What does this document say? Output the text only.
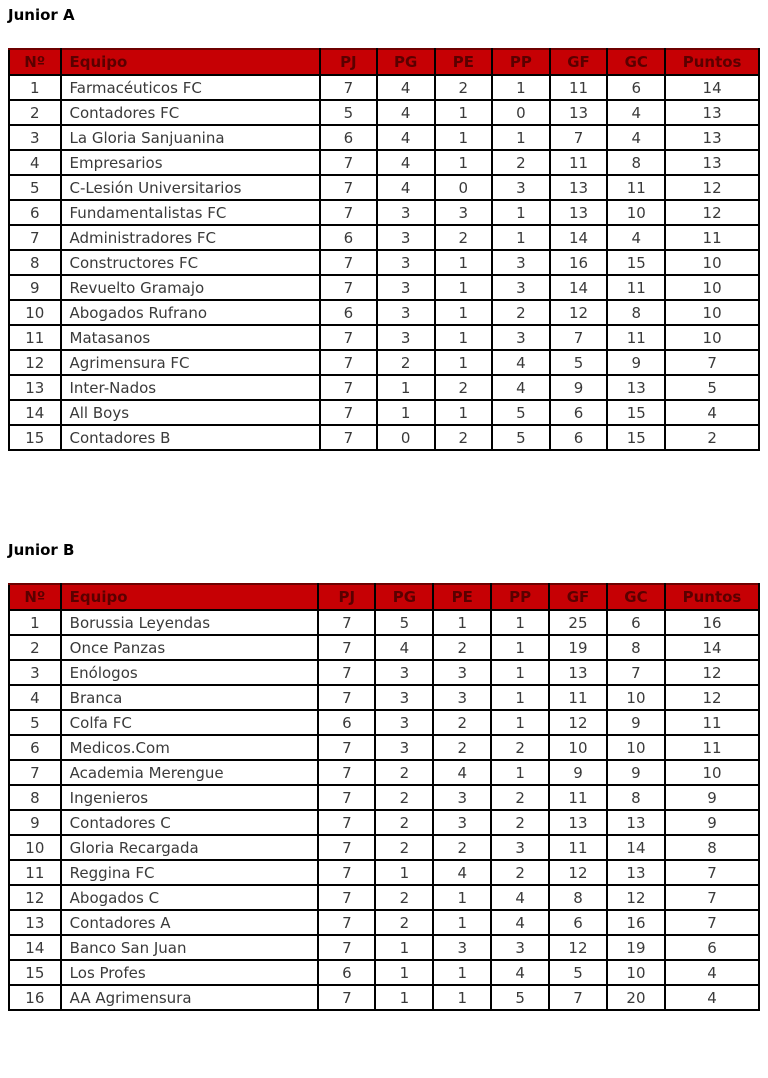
Junior A
Nº	Equipo	PJ	PG	PE	PP	GF	GC	Puntos
1	Farmacéuticos FC	7	4	2	1	11	6	14
2	Contadores FC	5	4	1	0	13	4	13
3	La Gloria Sanjuanina	6	4	1	1	7	4	13
4	Empresarios	7	4	1	2	11	8	13
5	C-Lesión Universitarios	7	4	0	3	13	11	12
6	Fundamentalistas FC	7	3	3	1	13	10	12
7	Administradores FC	6	3	2	1	14	4	11
8	Constructores FC	7	3	1	3	16	15	10
9	Revuelto Gramajo	7	3	1	3	14	11	10
10	Abogados Rufrano	6	3	1	2	12	8	10
11	Matasanos	7	3	1	3	7	11	10
12	Agrimensura FC	7	2	1	4	5	9	7
13	Inter-Nados	7	1	2	4	9	13	5
14	All Boys	7	1	1	5	6	15	4
15	Contadores B	7	0	2	5	6	15	2
Junior B
Nº	Equipo	PJ	PG	PE	PP	GF	GC	Puntos
1	Borussia Leyendas	7	5	1	1	25	6	16
2	Once Panzas	7	4	2	1	19	8	14
3	Enólogos	7	3	3	1	13	7	12
4	Branca	7	3	3	1	11	10	12
5	Colfa FC	6	3	2	1	12	9	11
6	Medicos.Com	7	3	2	2	10	10	11
7	Academia Merengue	7	2	4	1	9	9	10
8	Ingenieros	7	2	3	2	11	8	9
9	Contadores C	7	2	3	2	13	13	9
10	Gloria Recargada	7	2	2	3	11	14	8
11	Reggina FC	7	1	4	2	12	13	7
12	Abogados C	7	2	1	4	8	12	7
13	Contadores A	7	2	1	4	6	16	7
14	Banco San Juan	7	1	3	3	12	19	6
15	Los Profes	6	1	1	4	5	10	4
16	AA Agrimensura	7	1	1	5	7	20	4
